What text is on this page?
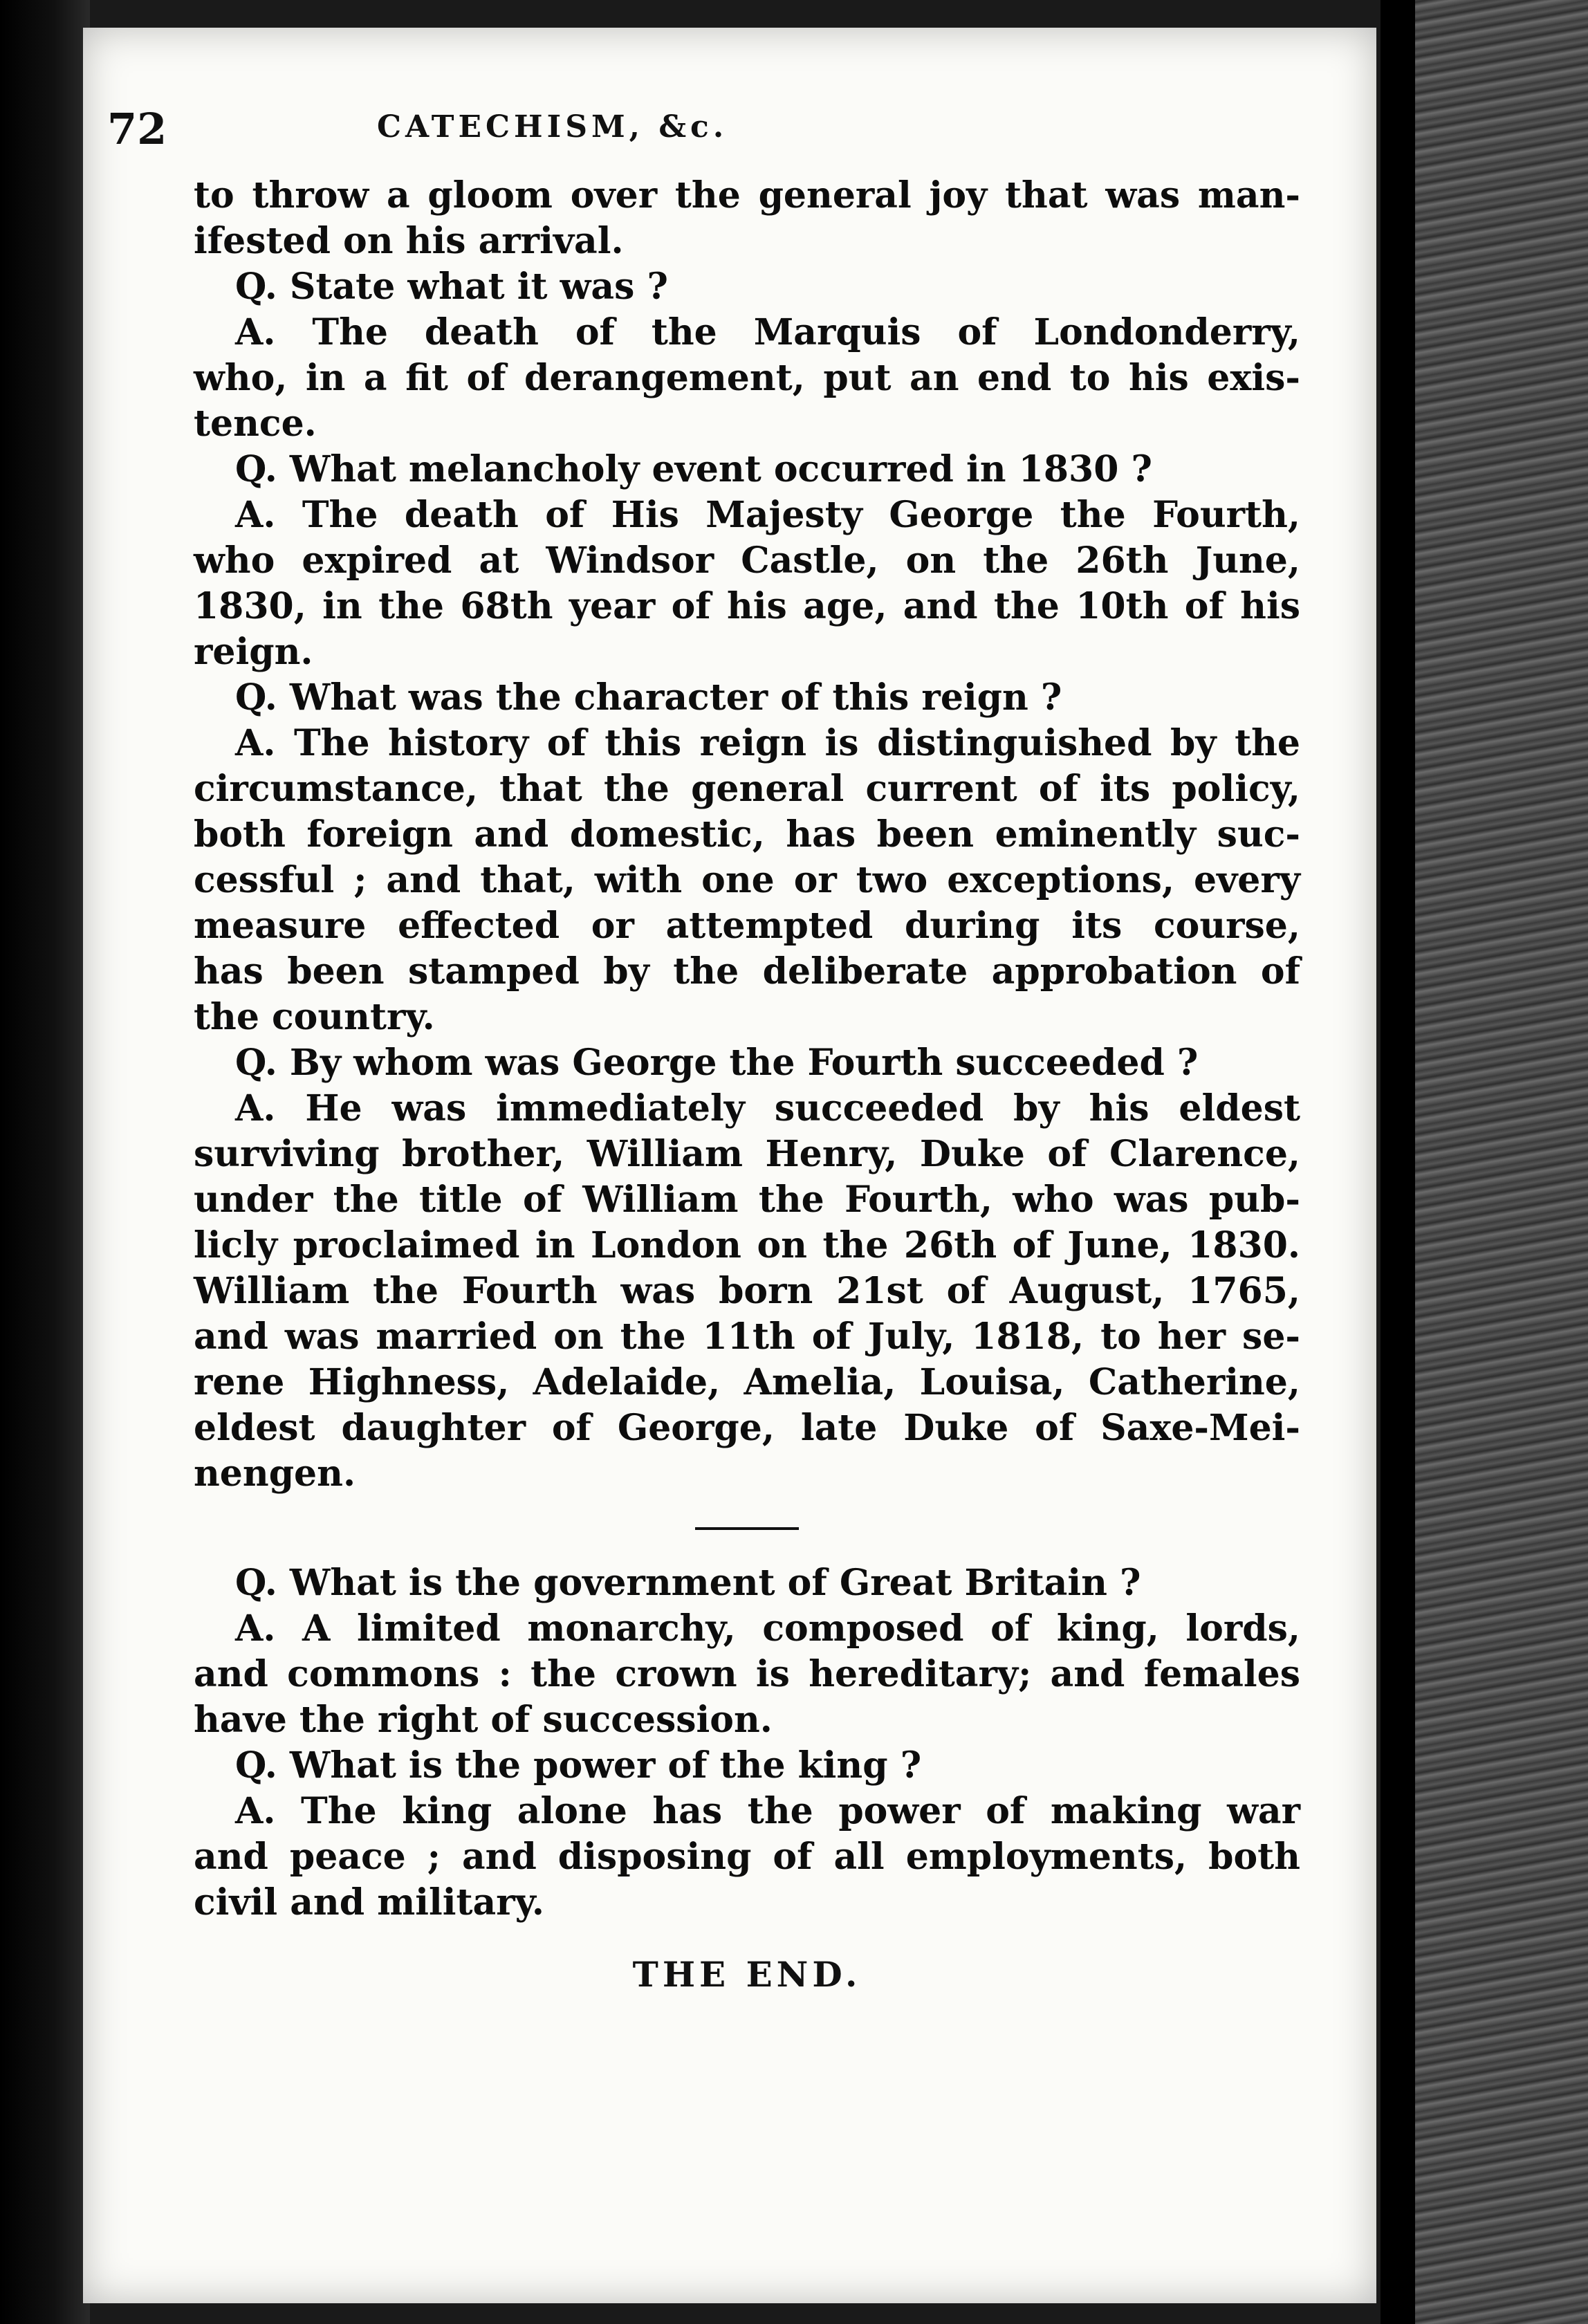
72	CATECHISM, &c.
to throw a gloom over the general joy that was man-
ifested on his arrival.
Q. State what it was ?
A. The death of the Marquis of Londonderry,
who, in a fit of derangement, put an end to his exis-
tence.
Q. What melancholy event occurred in 1830 ?
A. The death of His Majesty George the Fourth,
who expired at Windsor Castle, on the 26th June,
1830, in the 68th year of his age, and the 10th of his
reign.
Q. What was the character of this reign ?
A. The history of this reign is distinguished by the
circumstance, that the general current of its policy,
both foreign and domestic, has been eminently suc-
cessful ; and that, with one or two exceptions, every
measure effected or attempted during its course,
has been stamped by the deliberate approbation of
the country.
Q. By whom was George the Fourth succeeded ?
A. He was immediately succeeded by his eldest
surviving brother, William Henry, Duke of Clarence,
under the title of William the Fourth, who was pub-
licly proclaimed in London on the 26th of June, 1830.
William the Fourth was born 21st of August, 1765,
and was married on the 11th of July, 1818, to her se-
rene Highness, Adelaide, Amelia, Louisa, Catherine,
eldest daughter of George, late Duke of Saxe-Mei-
nengen.
Q. What is the government of Great Britain ?
A. A limited monarchy, composed of king, lords,
and commons : the crown is hereditary; and females
have the right of succession.
Q. What is the power of the king ?
A. The king alone has the power of making war
and peace ; and disposing of all employments, both
civil and military.
THE END.
